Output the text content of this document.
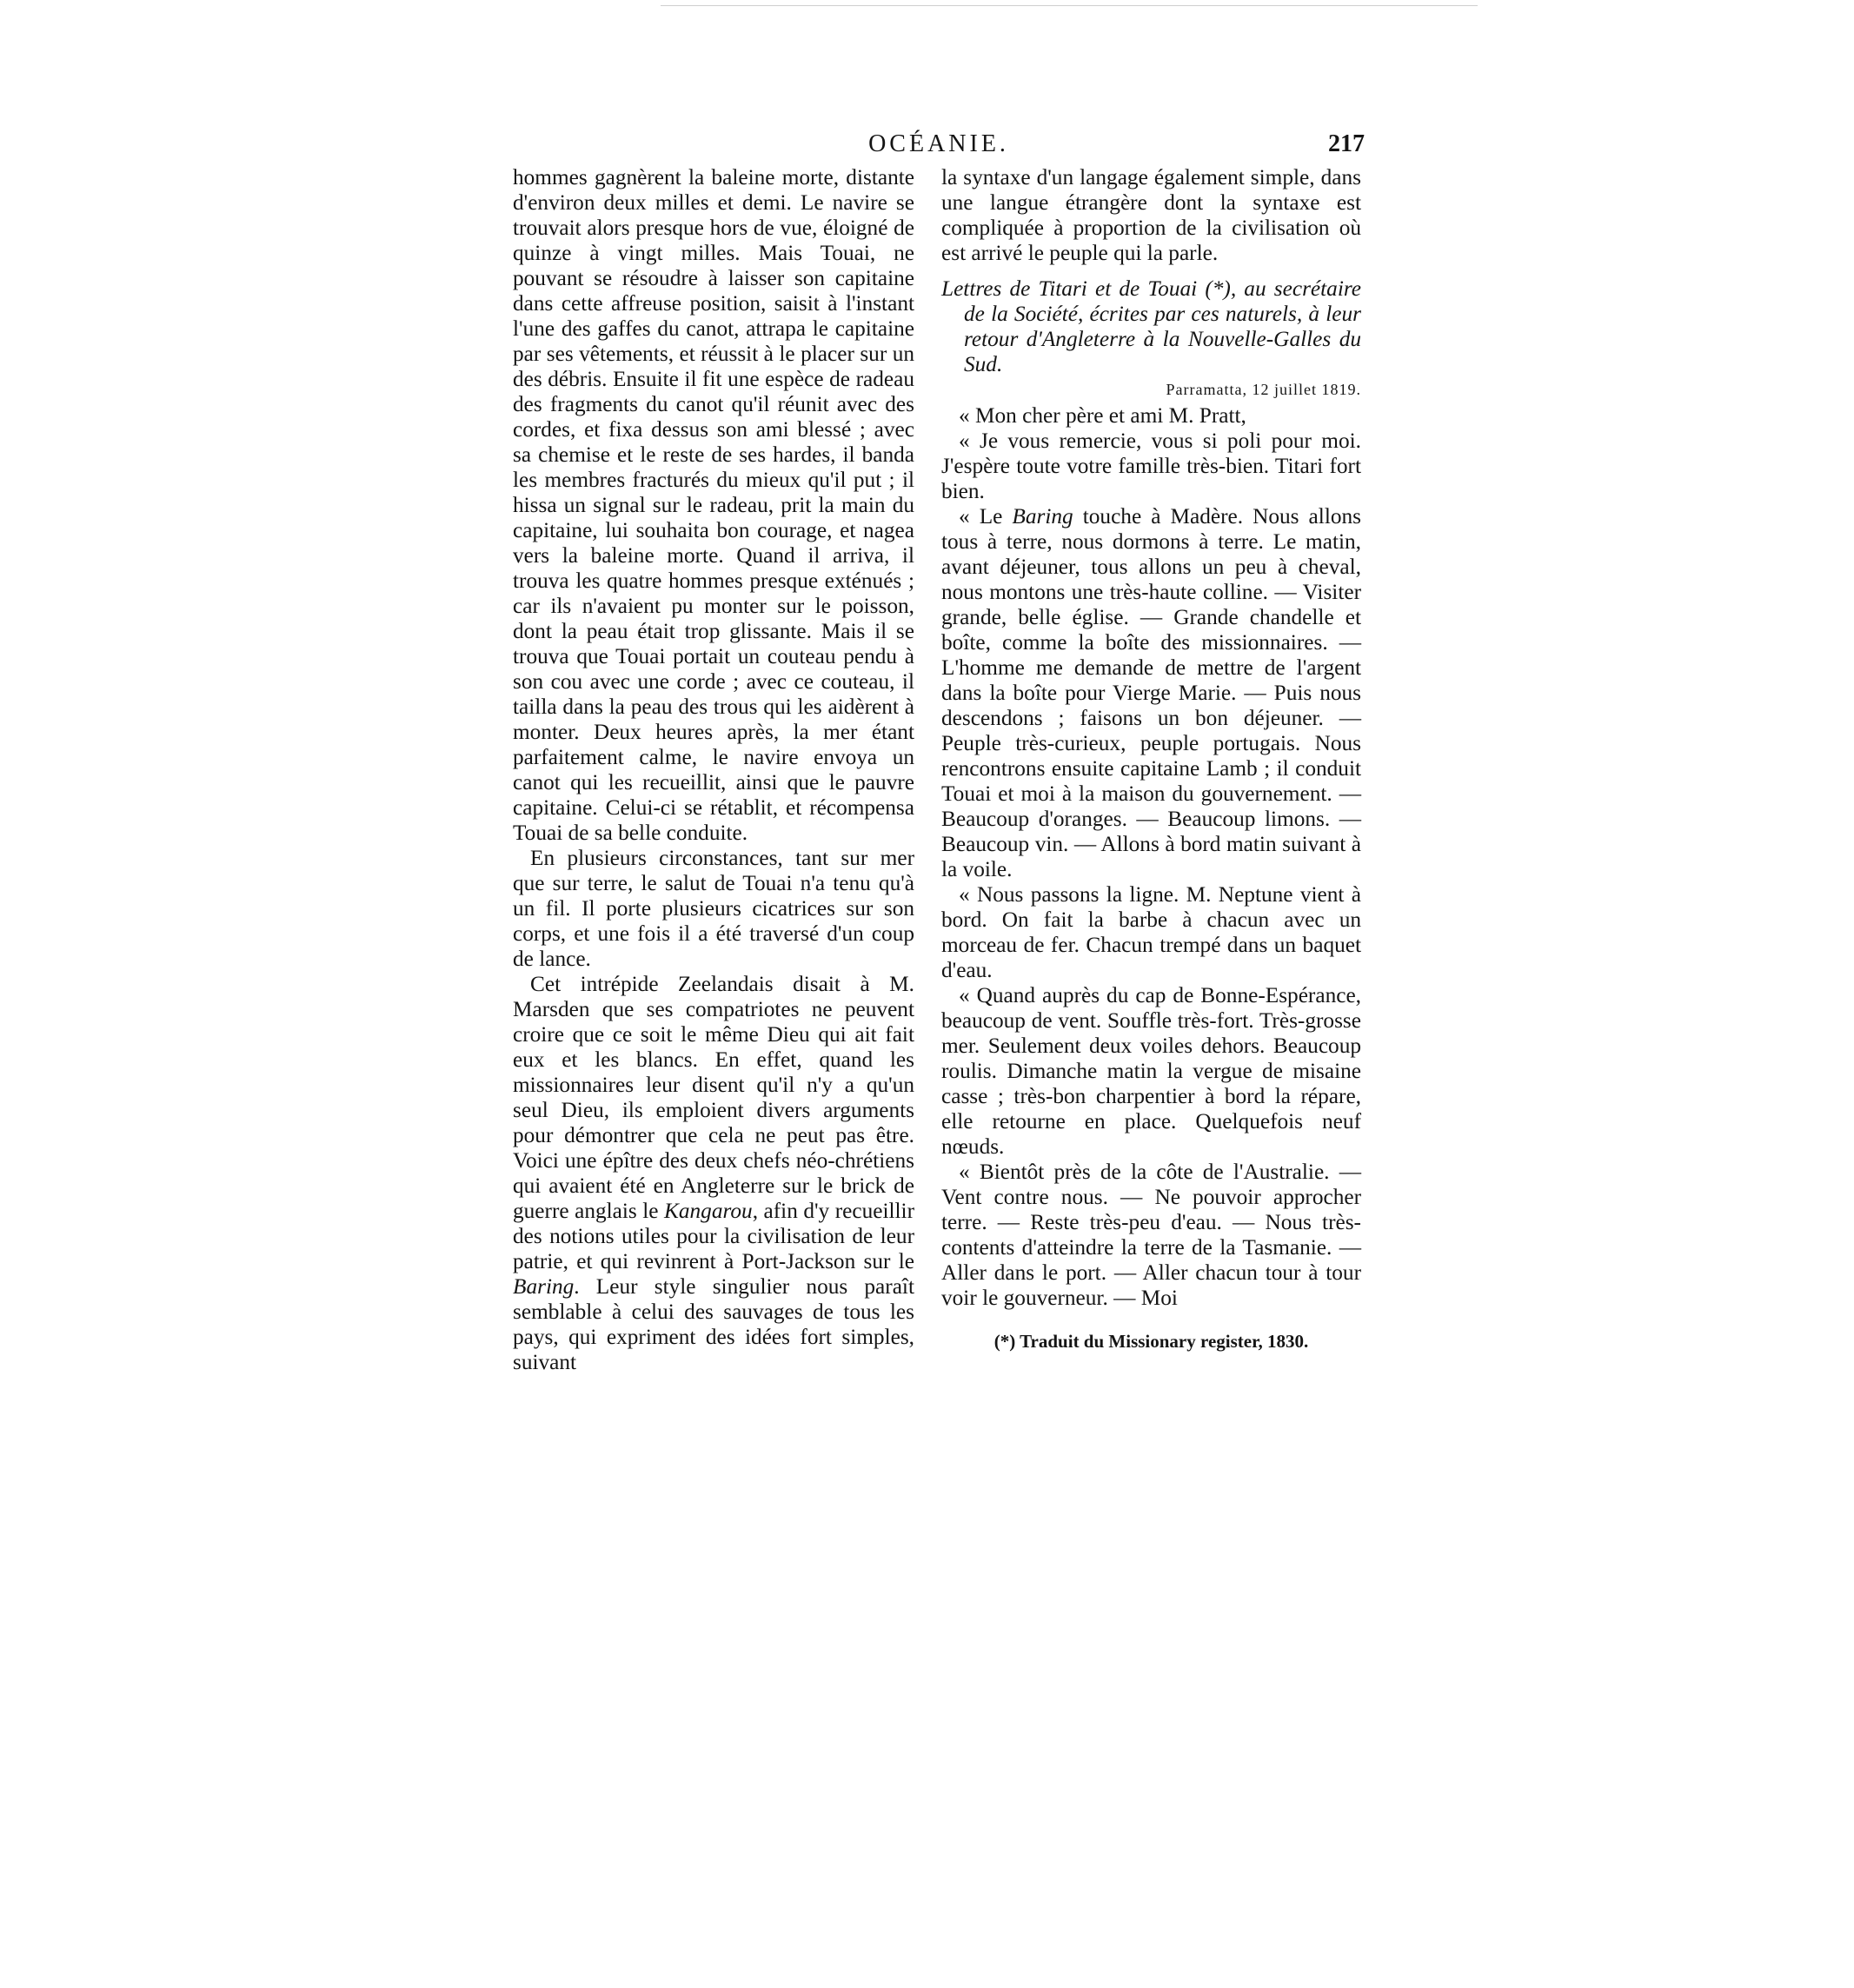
OCÉANIE.	217

hommes gagnèrent la baleine morte, distante d'environ deux milles et demi. Le navire se trouvait alors presque hors de vue, éloigné de quinze à vingt milles. Mais Touai, ne pouvant se résoudre à laisser son capitaine dans cette affreuse position, saisit à l'instant l'une des gaffes du canot, attrapa le capitaine par ses vêtements, et réussit à le placer sur un des débris. Ensuite il fit une espèce de radeau des fragments du canot qu'il réunit avec des cordes, et fixa dessus son ami blessé ; avec sa chemise et le reste de ses hardes, il banda les membres fracturés du mieux qu'il put ; il hissa un signal sur le radeau, prit la main du capitaine, lui souhaita bon courage, et nagea vers la baleine morte. Quand il arriva, il trouva les quatre hommes presque exténués ; car ils n'avaient pu monter sur le poisson, dont la peau était trop glissante. Mais il se trouva que Touai portait un couteau pendu à son cou avec une corde ; avec ce couteau, il tailla dans la peau des trous qui les aidèrent à monter. Deux heures après, la mer étant parfaitement calme, le navire envoya un canot qui les recueillit, ainsi que le pauvre capitaine. Celui-ci se rétablit, et récompensa Touai de sa belle conduite.

En plusieurs circonstances, tant sur mer que sur terre, le salut de Touai n'a tenu qu'à un fil. Il porte plusieurs cicatrices sur son corps, et une fois il a été traversé d'un coup de lance.

Cet intrépide Zeelandais disait à M. Marsden que ses compatriotes ne peuvent croire que ce soit le même Dieu qui ait fait eux et les blancs. En effet, quand les missionnaires leur disent qu'il n'y a qu'un seul Dieu, ils emploient divers arguments pour démontrer que cela ne peut pas être. Voici une épître des deux chefs néo-chrétiens qui avaient été en Angleterre sur le brick de guerre anglais le Kangarou, afin d'y recueillir des notions utiles pour la civilisation de leur patrie, et qui revinrent à Port-Jackson sur le Baring. Leur style singulier nous paraît semblable à celui des sauvages de tous les pays, qui expriment des idées fort simples, suivant

la syntaxe d'un langage également simple, dans une langue étrangère dont la syntaxe est compliquée à proportion de la civilisation où est arrivé le peuple qui la parle.

Lettres de Titari et de Touai (*), au secrétaire de la Société, écrites par ces naturels, à leur retour d'Angleterre à la Nouvelle-Galles du Sud.

Parramatta, 12 juillet 1819.

« Mon cher père et ami M. Pratt,

« Je vous remercie, vous si poli pour moi. J'espère toute votre famille très-bien. Titari fort bien.

« Le Baring touche à Madère. Nous allons tous à terre, nous dormons à terre. Le matin, avant déjeuner, tous allons un peu à cheval, nous montons une très-haute colline. — Visiter grande, belle église. — Grande chandelle et boîte, comme la boîte des missionnaires. — L'homme me demande de mettre de l'argent dans la boîte pour Vierge Marie. — Puis nous descendons ; faisons un bon déjeuner. — Peuple très-curieux, peuple portugais. Nous rencontrons ensuite capitaine Lamb ; il conduit Touai et moi à la maison du gouvernement. — Beaucoup d'oranges. — Beaucoup limons. — Beaucoup vin. — Allons à bord matin suivant à la voile.

« Nous passons la ligne. M. Neptune vient à bord. On fait la barbe à chacun avec un morceau de fer. Chacun trempé dans un baquet d'eau.

« Quand auprès du cap de Bonne-Espérance, beaucoup de vent. Souffle très-fort. Très-grosse mer. Seulement deux voiles dehors. Beaucoup roulis. Dimanche matin la vergue de misaine casse ; très-bon charpentier à bord la répare, elle retourne en place. Quelquefois neuf nœuds.

« Bientôt près de la côte de l'Australie. — Vent contre nous. — Ne pouvoir approcher terre. — Reste très-peu d'eau. — Nous très-contents d'atteindre la terre de la Tasmanie. — Aller dans le port. — Aller chacun tour à tour voir le gouverneur. — Moi

(*) Traduit du Missionary register, 1830.
